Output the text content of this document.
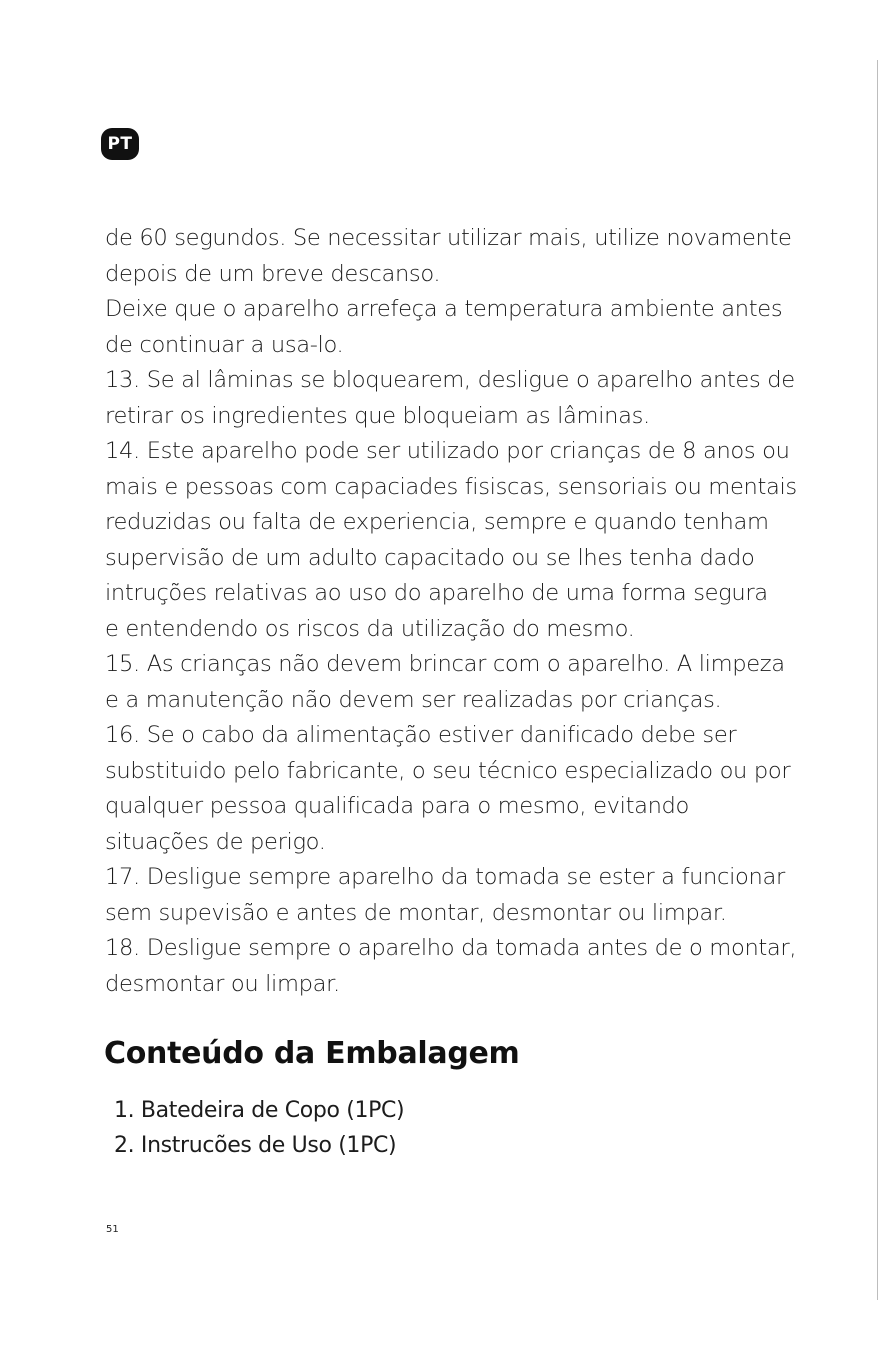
PT
de 60 segundos. Se necessitar utilizar mais, utilize novamente
depois de um breve descanso.
Deixe que o aparelho arrefeça a temperatura ambiente antes
de continuar a usa-lo.
13. Se al lâminas se bloquearem, desligue o aparelho antes de
retirar os ingredientes que bloqueiam as lâminas.
14. Este aparelho pode ser utilizado por crianças de 8 anos ou
mais e pessoas com capaciades fisiscas, sensoriais ou mentais
reduzidas ou falta de experiencia, sempre e quando tenham
supervisão de um adulto capacitado ou se lhes tenha dado
intruções relativas ao uso do aparelho de uma forma segura
e entendendo os riscos da utilização do mesmo.
15. As crianças não devem brincar com o aparelho. A limpeza
e a manutenção não devem ser realizadas por crianças.
16. Se o cabo da alimentação estiver danificado debe ser
substituido pelo fabricante, o seu técnico especializado ou por
qualquer pessoa qualificada para o mesmo, evitando
situações de perigo.
17. Desligue sempre aparelho da tomada se ester a funcionar
sem supevisão e antes de montar, desmontar ou limpar.
18. Desligue sempre o aparelho da tomada antes de o montar,
desmontar ou limpar.
Conteúdo da Embalagem
1. Batedeira de Copo (1PC)
2. Instrucões de Uso (1PC)
51
